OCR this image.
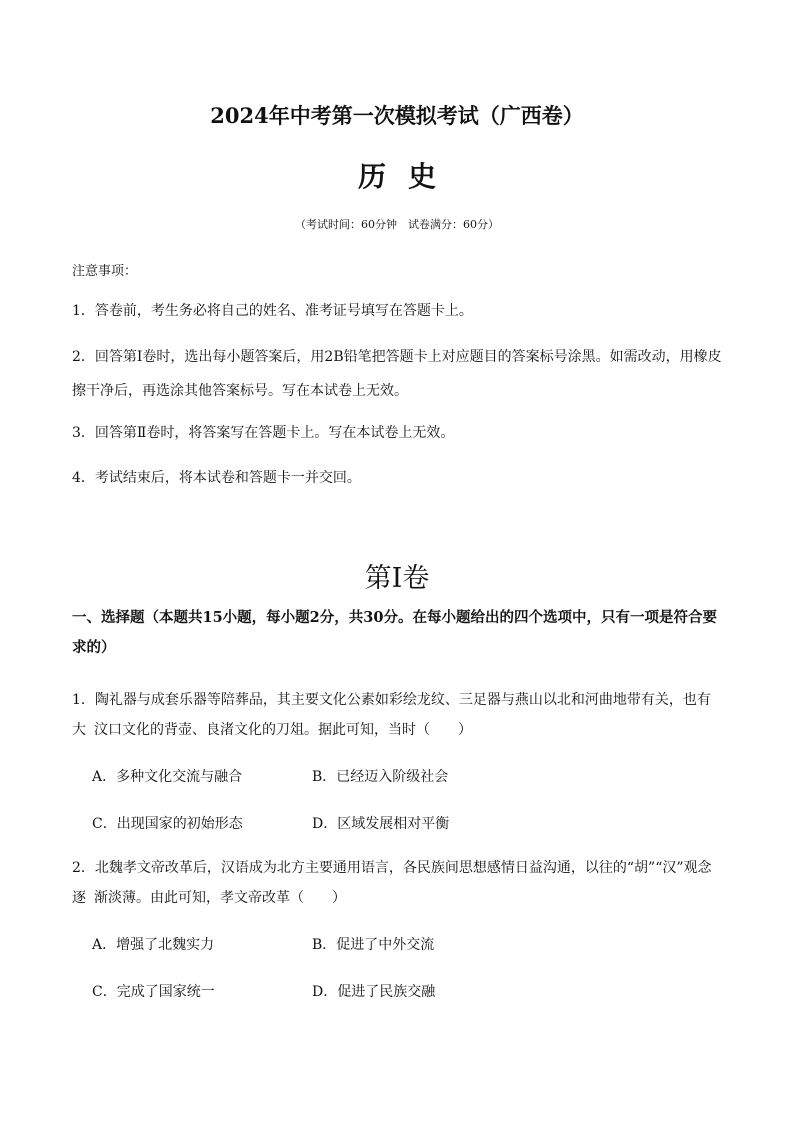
2024年中考第一次模拟考试（广西卷）
历史
（考试时间：60分钟　试卷满分：60分）
注意事项：
1．答卷前，考生务必将自己的姓名、准考证号填写在答题卡上。
2．回答第Ⅰ卷时，选出每小题答案后，用2B铅笔把答题卡上对应题目的答案标号涂黑。如需改动，用橡皮擦干净后，再选涂其他答案标号。写在本试卷上无效。
3．回答第Ⅱ卷时，将答案写在答题卡上。写在本试卷上无效。
4．考试结束后，将本试卷和答题卡一并交回。
第Ⅰ卷
一、选择题（本题共15小题，每小题2分，共30分。在每小题给出的四个选项中，只有一项是符合要求的）
1．陶礼器与成套乐器等陪葬品，其主要文化公素如彩绘龙纹、三足器与燕山以北和河曲地带有关，也有大 汶口文化的背壶、良渚文化的刀俎。据此可知，当时（　　）
A．多种文化交流与融合	B．已经迈入阶级社会
C．出现国家的初始形态	D．区域发展相对平衡
2．北魏孝文帝改革后，汉语成为北方主要通用语言，各民族间思想感情日益沟通，以往的“胡”“汉”观念逐 渐淡薄。由此可知，孝文帝改革（　　）
A．增强了北魏实力	B．促进了中外交流
C．完成了国家统一	D．促进了民族交融
